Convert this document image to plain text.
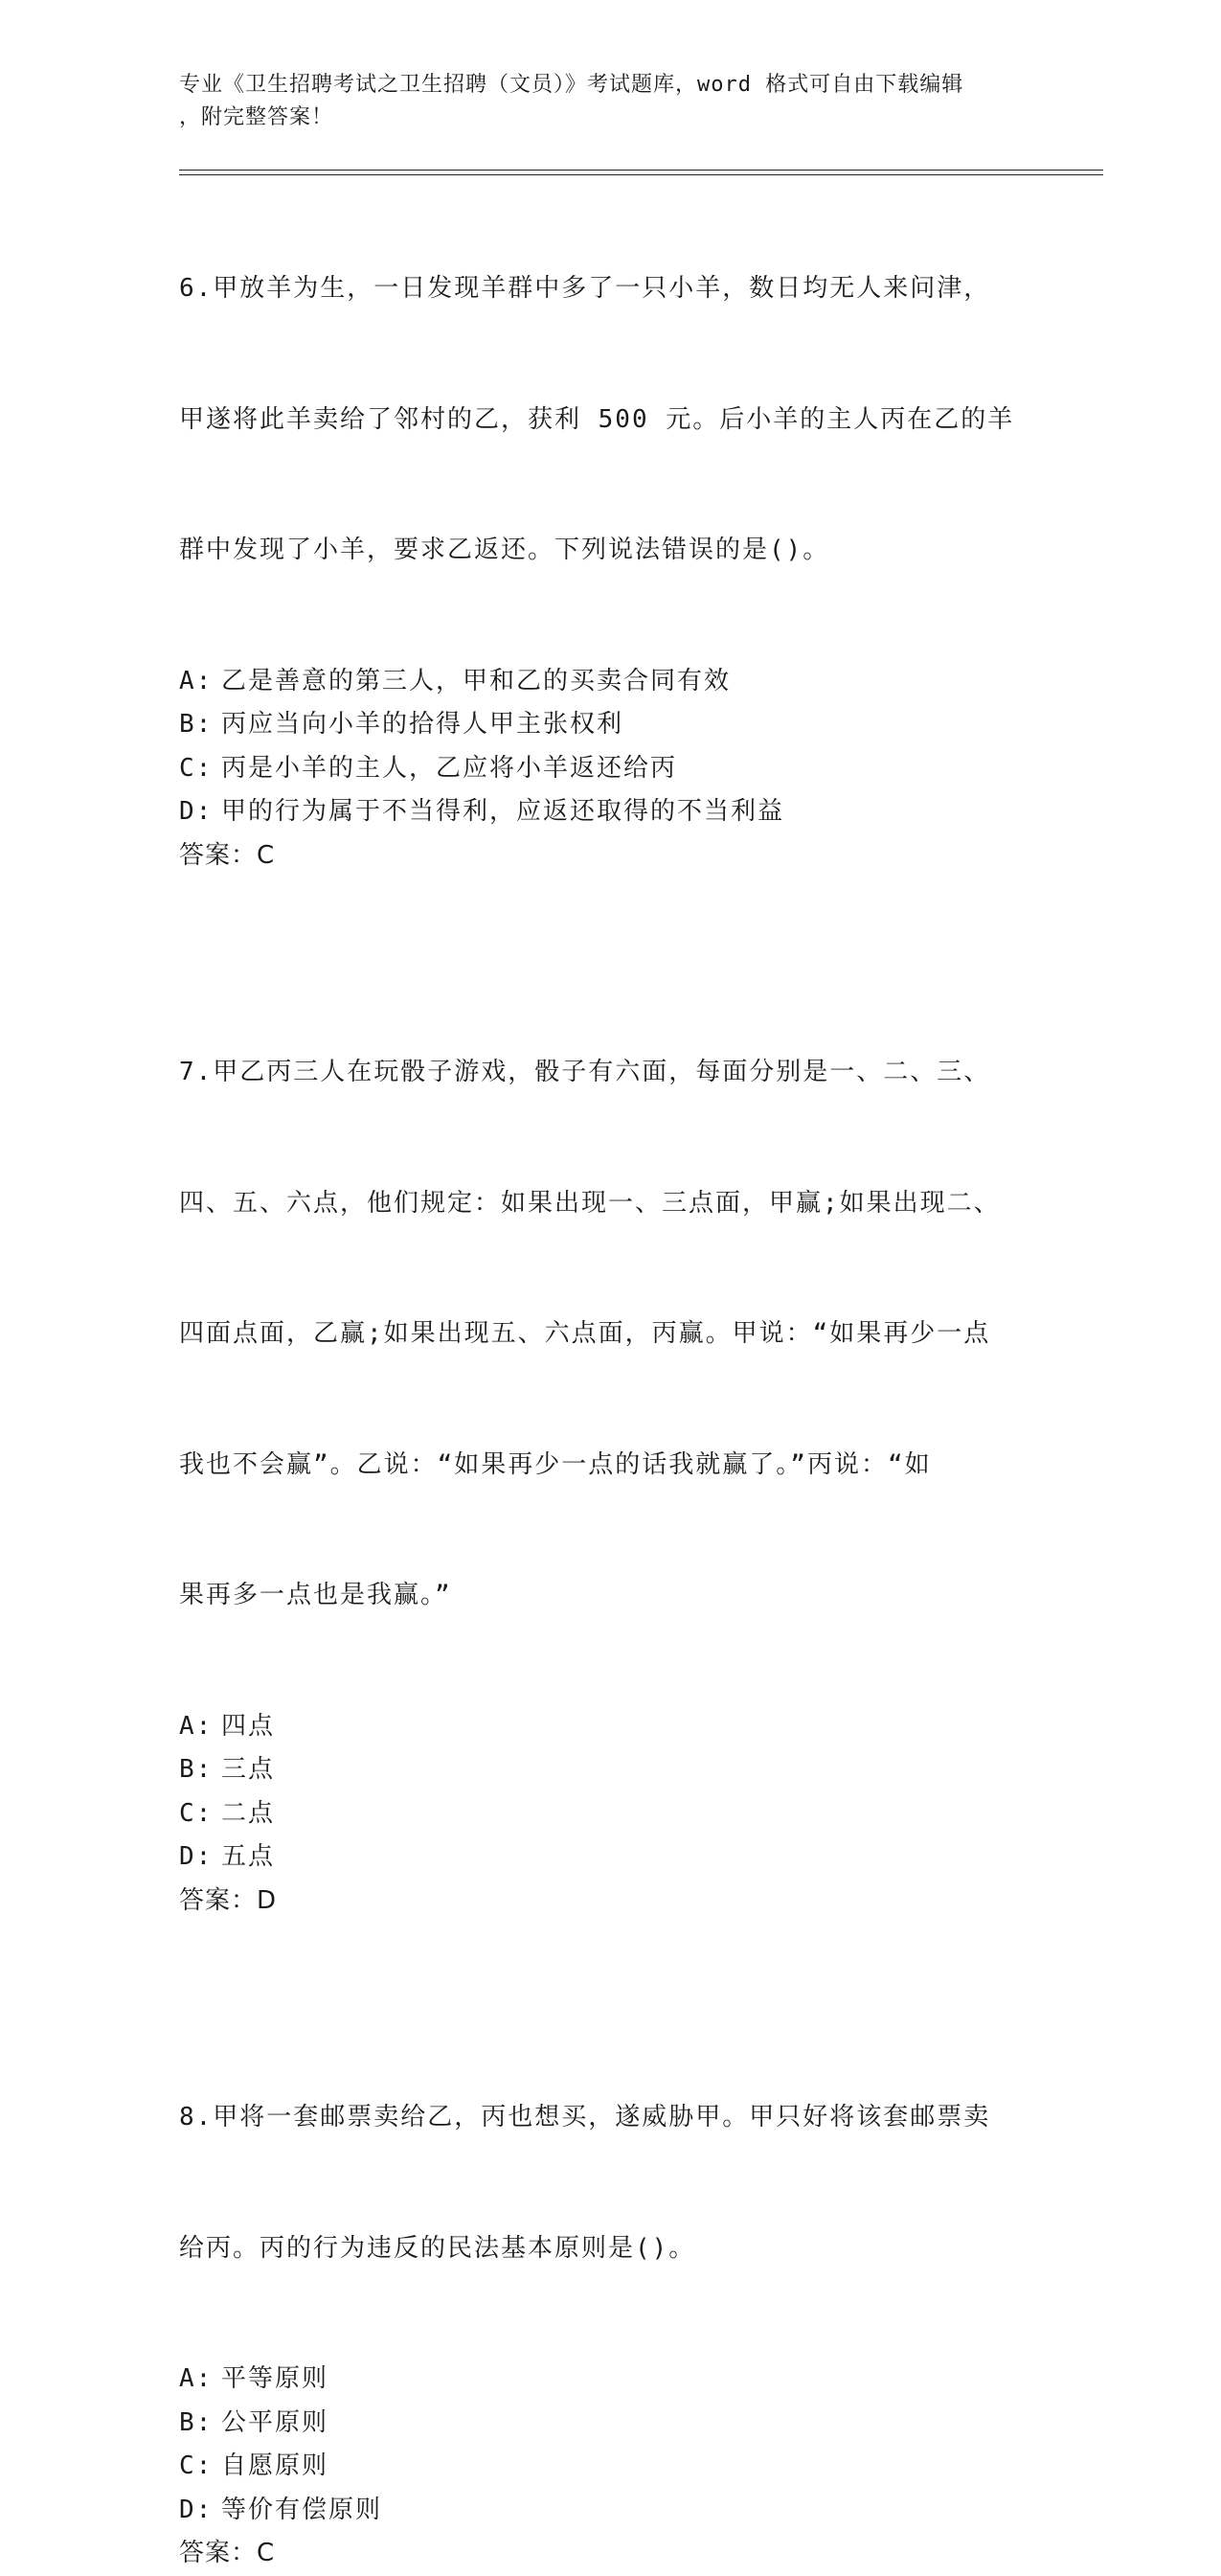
专业《卫生招聘考试之卫生招聘（文员）》考试题库，word 格式可自由下载编辑
，附完整答案！

6.甲放羊为生，一日发现羊群中多了一只小羊，数日均无人来问津，

甲遂将此羊卖给了邻村的乙，获利 500 元。后小羊的主人丙在乙的羊

群中发现了小羊，要求乙返还。下列说法错误的是()。

A: 乙是善意的第三人，甲和乙的买卖合同有效
B: 丙应当向小羊的拾得人甲主张权利
C: 丙是小羊的主人，乙应将小羊返还给丙
D: 甲的行为属于不当得利，应返还取得的不当利益
答案：C

7.甲乙丙三人在玩骰子游戏，骰子有六面，每面分别是一、二、三、

四、五、六点，他们规定：如果出现一、三点面，甲赢;如果出现二、

四面点面，乙赢;如果出现五、六点面，丙赢。甲说：“如果再少一点

我也不会赢”。乙说：“如果再少一点的话我就赢了。”丙说：“如

果再多一点也是我赢。”

A: 四点
B: 三点
C: 二点
D: 五点
答案：D

8.甲将一套邮票卖给乙，丙也想买，遂威胁甲。甲只好将该套邮票卖

给丙。丙的行为违反的民法基本原则是()。

A: 平等原则
B: 公平原则
C: 自愿原则
D: 等价有偿原则
答案：C
